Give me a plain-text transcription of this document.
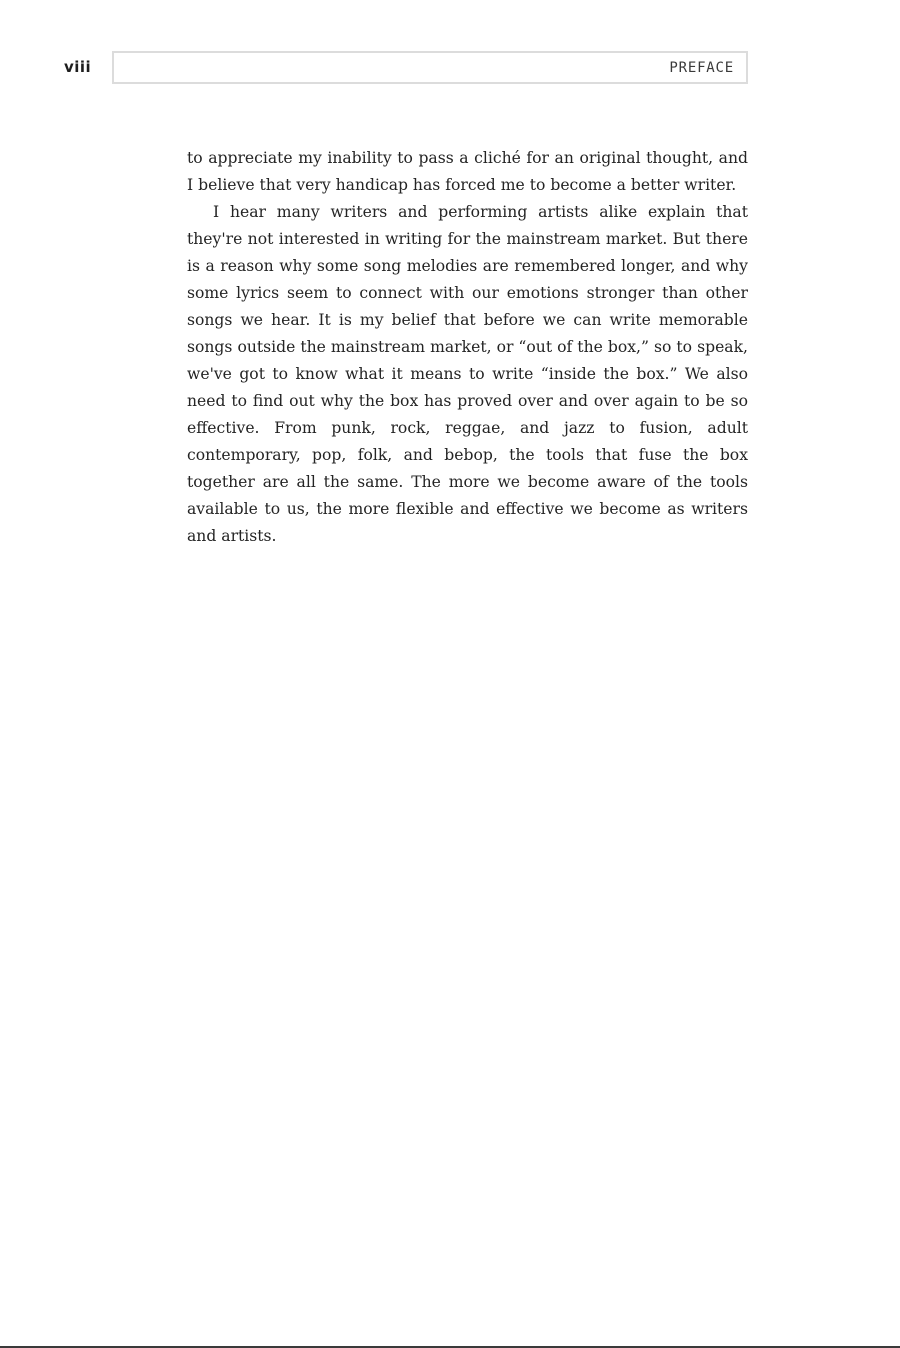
viii	PREFACE

to appreciate my inability to pass a cliché for an original thought, and I believe that very handicap has forced me to become a better writer.

I hear many writers and performing artists alike explain that they're not interested in writing for the mainstream market. But there is a reason why some song melodies are remembered longer, and why some lyrics seem to connect with our emotions stronger than other songs we hear. It is my belief that before we can write memorable songs outside the mainstream market, or “out of the box,” so to speak, we've got to know what it means to write “inside the box.” We also need to find out why the box has proved over and over again to be so effective. From punk, rock, reggae, and jazz to fusion, adult contemporary, pop, folk, and bebop, the tools that fuse the box together are all the same. The more we become aware of the tools available to us, the more flexible and effective we become as writers and artists.
